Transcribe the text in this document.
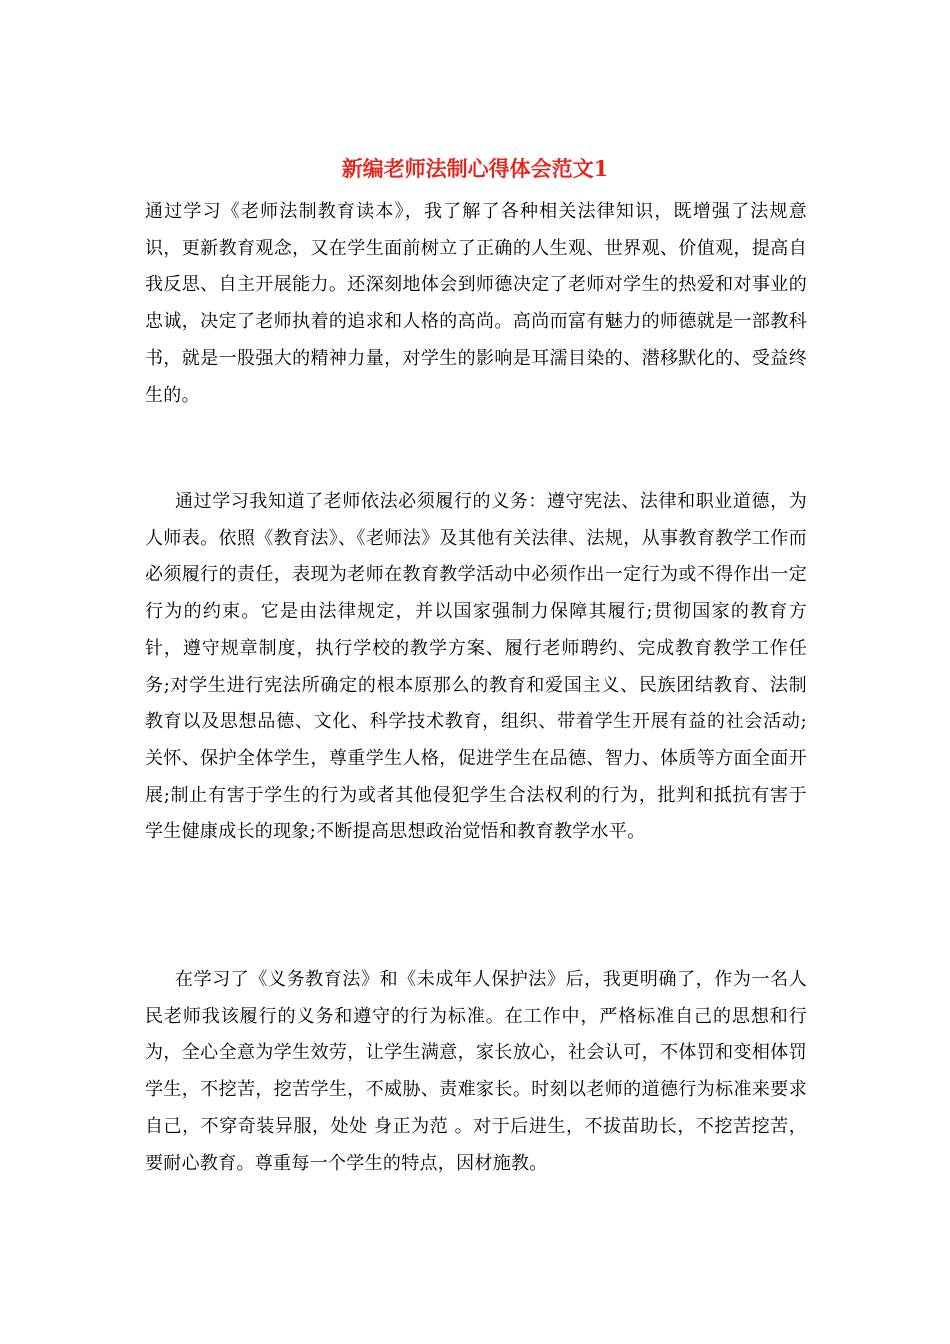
新编老师法制心得体会范文1

通过学习《老师法制教育读本》，我了解了各种相关法律知识，既增强了法规意识，更新教育观念，又在学生面前树立了正确的人生观、世界观、价值观，提高自我反思、自主开展能力。还深刻地体会到师德决定了老师对学生的热爱和对事业的忠诚，决定了老师执着的追求和人格的高尚。高尚而富有魅力的师德就是一部教科书，就是一股强大的精神力量，对学生的影响是耳濡目染的、潜移默化的、受益终生的。

通过学习我知道了老师依法必须履行的义务：遵守宪法、法律和职业道德，为人师表。依照《教育法》、《老师法》及其他有关法律、法规，从事教育教学工作而必须履行的责任，表现为老师在教育教学活动中必须作出一定行为或不得作出一定行为的约束。它是由法律规定，并以国家强制力保障其履行;贯彻国家的教育方针，遵守规章制度，执行学校的教学方案、履行老师聘约、完成教育教学工作任务;对学生进行宪法所确定的根本原那么的教育和爱国主义、民族团结教育、法制教育以及思想品德、文化、科学技术教育，组织、带着学生开展有益的社会活动;关怀、保护全体学生，尊重学生人格，促进学生在品德、智力、体质等方面全面开展;制止有害于学生的行为或者其他侵犯学生合法权利的行为，批判和抵抗有害于学生健康成长的现象;不断提高思想政治觉悟和教育教学水平。

在学习了《义务教育法》和《未成年人保护法》后，我更明确了，作为一名人民老师我该履行的义务和遵守的行为标准。在工作中，严格标准自己的思想和行为，全心全意为学生效劳，让学生满意，家长放心，社会认可，不体罚和变相体罚学生，不挖苦，挖苦学生，不威胁、责难家长。时刻以老师的道德行为标准来要求自己，不穿奇装异服，处处 身正为范 。对于后进生，不拔苗助长，不挖苦挖苦，要耐心教育。尊重每一个学生的特点，因材施教。
